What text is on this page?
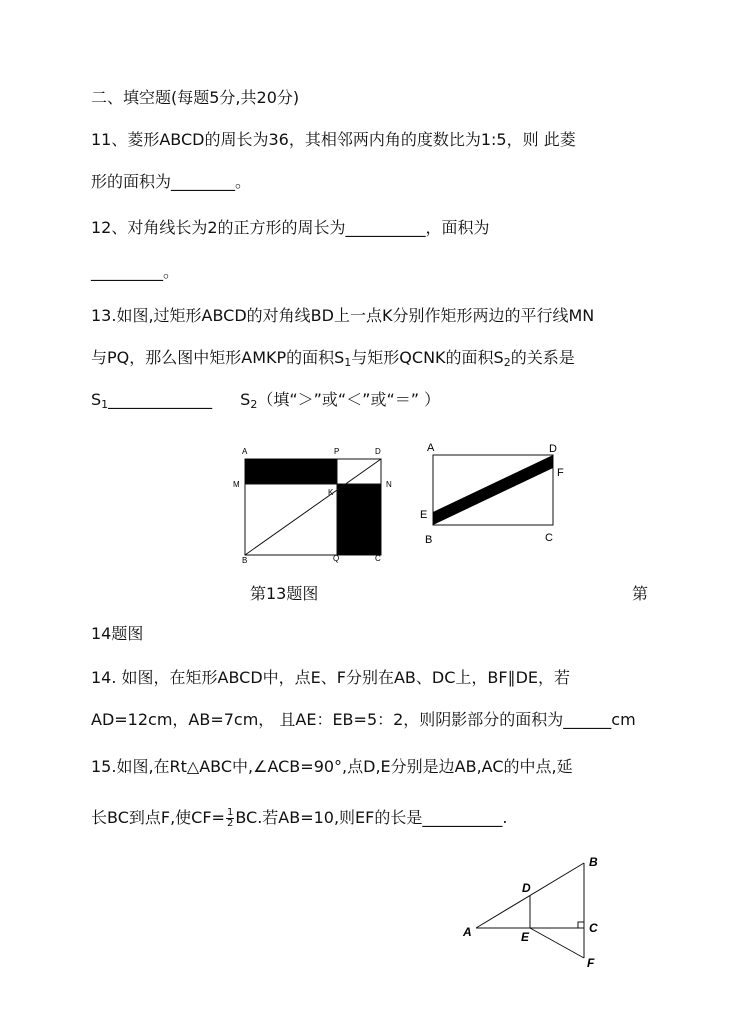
二、填空题(每题5分,共20分)
11、菱形ABCD的周长为36，其相邻两内角的度数比为1:5，则 此菱
形的面积为________。
12、对角线长为2的正方形的周长为__________，面积为
_________。
13.如图,过矩形ABCD的对角线BD上一点K分别作矩形两边的平行线MN
与PQ，那么图中矩形AMKP的面积$S_1$与矩形QCNK的面积$S_2$的关系是
$S_1\_\_\_\_\_\_\_\_\_\_\_\_\_$ $S_2$（填“＞”或“＜”或“＝” ）
A	P	D
M
K
N
B	Q	C
A	D
F
E
B	C
第13题图	第
14题图
14. 如图，在矩形ABCD中，点E、F分别在AB、DC上，BF∥DE，若
AD=12cm，AB=7cm， 且AE：EB=5：2，则阴影部分的面积为______cm
15.如图,在Rt△ABC中,∠ACB=90°,点D,E分别是边AB,AC的中点,延
长BC到点F,使$CF= \frac{1}{2}$ BC.若AB=10,则EF的长是__________.
A
B
C
D
E
F
